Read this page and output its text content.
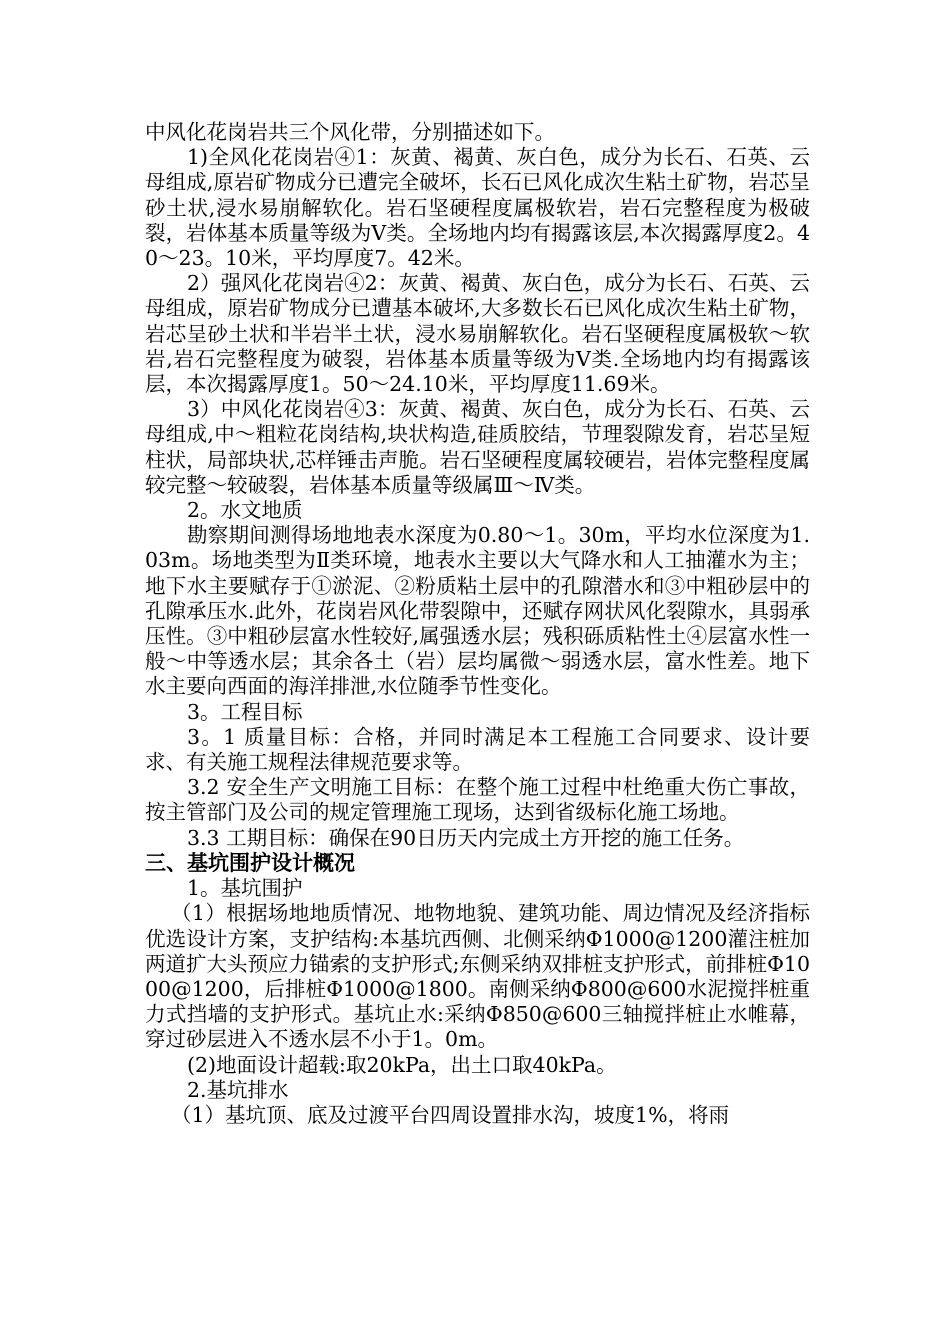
中风化花岗岩共三个风化带，分别描述如下。

1)全风化花岗岩④1：灰黄、褐黄、灰白色，成分为长石、石英、云母组成,原岩矿物成分已遭完全破坏，长石已风化成次生粘土矿物，岩芯呈砂土状,浸水易崩解软化。岩石坚硬程度属极软岩，岩石完整程度为极破裂，岩体基本质量等级为Ⅴ类。全场地内均有揭露该层,本次揭露厚度2。40～23。10米，平均厚度7。42米。

2）强风化花岗岩④2：灰黄、褐黄、灰白色，成分为长石、石英、云母组成，原岩矿物成分已遭基本破坏,大多数长石已风化成次生粘土矿物，岩芯呈砂土状和半岩半土状，浸水易崩解软化。岩石坚硬程度属极软～软岩,岩石完整程度为破裂，岩体基本质量等级为Ⅴ类.全场地内均有揭露该层，本次揭露厚度1。50～24.10米，平均厚度11.69米。

3）中风化花岗岩④3：灰黄、褐黄、灰白色，成分为长石、石英、云母组成,中～粗粒花岗结构,块状构造,硅质胶结，节理裂隙发育，岩芯呈短柱状，局部块状,芯样锤击声脆。岩石坚硬程度属较硬岩，岩体完整程度属较完整～较破裂，岩体基本质量等级属Ⅲ～Ⅳ类。

2。水文地质

勘察期间测得场地地表水深度为0.80～1。30m，平均水位深度为1.03m。场地类型为Ⅱ类环境，地表水主要以大气降水和人工抽灌水为主；地下水主要赋存于①淤泥、②粉质粘土层中的孔隙潜水和③中粗砂层中的孔隙承压水.此外，花岗岩风化带裂隙中，还赋存网状风化裂隙水，具弱承压性。③中粗砂层富水性较好,属强透水层；残积砾质粘性土④层富水性一般～中等透水层；其余各土（岩）层均属微～弱透水层，富水性差。地下水主要向西面的海洋排泄,水位随季节性变化。

3。工程目标

3。1 质量目标：合格，并同时满足本工程施工合同要求、设计要求、有关施工规程法律规范要求等。

3.2 安全生产文明施工目标：在整个施工过程中杜绝重大伤亡事故，按主管部门及公司的规定管理施工现场，达到省级标化施工场地。

3.3 工期目标：确保在90日历天内完成土方开挖的施工任务。

三、基坑围护设计概况

1。基坑围护

（1）根据场地地质情况、地物地貌、建筑功能、周边情况及经济指标优选设计方案，支护结构:本基坑西侧、北侧采纳Φ1000@1200灌注桩加两道扩大头预应力锚索的支护形式;东侧采纳双排桩支护形式，前排桩Φ1000@1200，后排桩Φ1000@1800。南侧采纳Φ800@600水泥搅拌桩重力式挡墙的支护形式。基坑止水:采纳Φ850@600三轴搅拌桩止水帷幕，穿过砂层进入不透水层不小于1。0m。

(2)地面设计超载:取20kPa，出土口取40kPa。

2.基坑排水

（1）基坑顶、底及过渡平台四周设置排水沟，坡度1%，将雨
